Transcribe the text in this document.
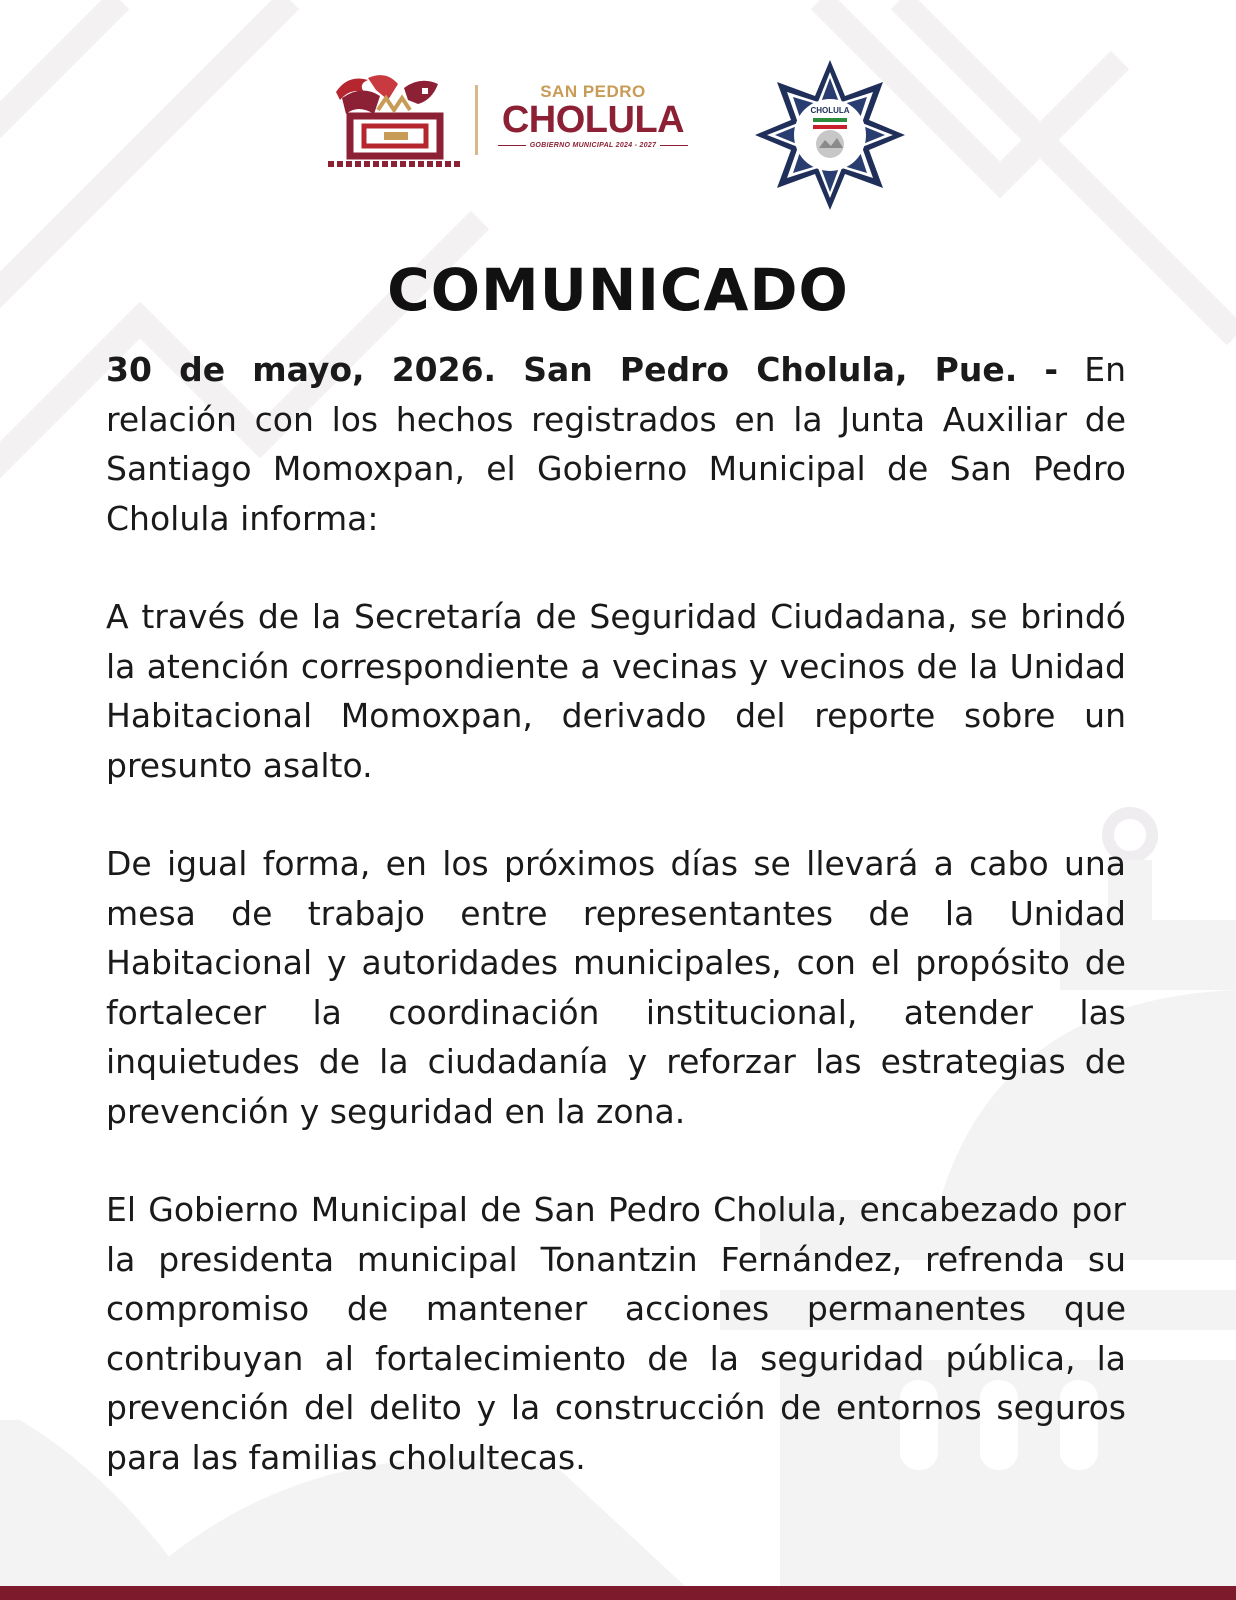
SAN PEDRO
CHOLULA
GOBIERNO MUNICIPAL 2024 - 2027
CHOLULA
COMUNICADO

30 de mayo, 2026. San Pedro Cholula, Pue. - En relación con los hechos registrados en la Junta Auxiliar de Santiago Momoxpan, el Gobierno Municipal de San Pedro Cholula informa:

A través de la Secretaría de Seguridad Ciudadana, se brindó la atención correspondiente a vecinas y vecinos de la Unidad Habitacional Momoxpan, derivado del reporte sobre un presunto asalto.

De igual forma, en los próximos días se llevará a cabo una mesa de trabajo entre representantes de la Unidad Habitacional y autoridades municipales, con el propósito de fortalecer la coordinación institucional, atender las inquietudes de la ciudadanía y reforzar las estrategias de prevención y seguridad en la zona.

El Gobierno Municipal de San Pedro Cholula, encabezado por la presidenta municipal Tonantzin Fernández, refrenda su compromiso de mantener acciones permanentes que contribuyan al fortalecimiento de la seguridad pública, la prevención del delito y la construcción de entornos seguros para las familias cholultecas.
